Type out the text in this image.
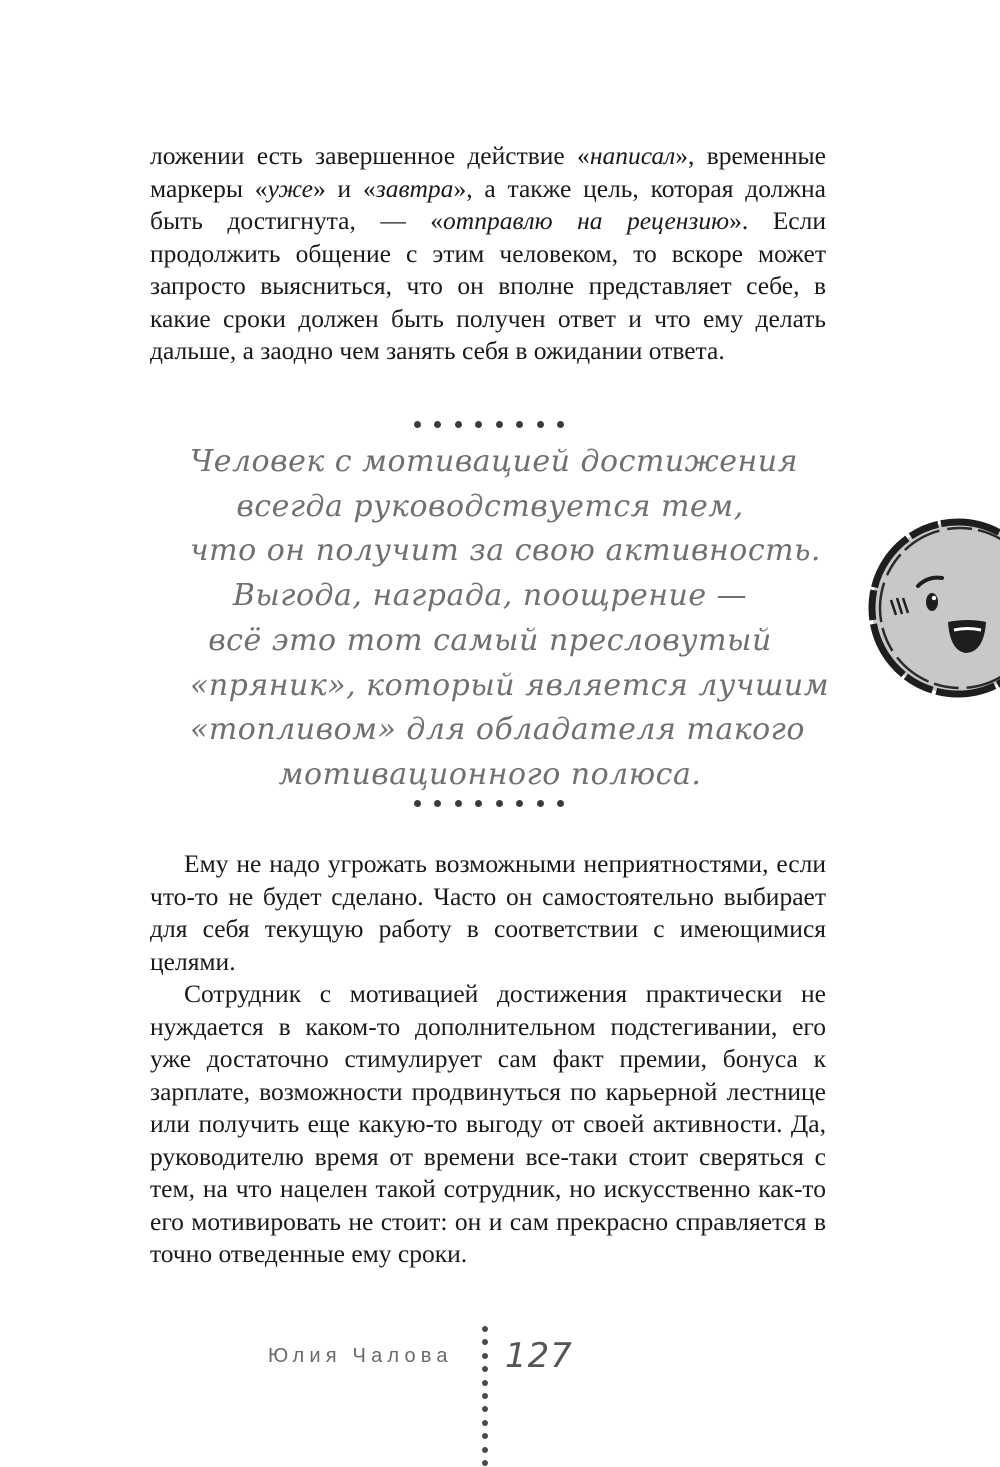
ложении есть завершенное действие «написал», временные маркеры «уже» и «завтра», а также цель, которая должна быть достигнута, — «отправлю на рецензию». Если продолжить общение с этим человеком, то вскоре может запросто выясниться, что он вполне представляет себе, в какие сроки должен быть получен ответ и что ему делать дальше, а заодно чем занять себя в ожидании ответа.

Человек с мотивацией достижения
всегда руководствуется тем,
что он получит за свою активность.
Выгода, награда, поощрение —
всё это тот самый пресловутый
«пряник», который является лучшим
«топливом» для обладателя такого
мотивационного полюса.

Ему не надо угрожать возможными неприятностями, если что-то не будет сделано. Часто он самостоятельно выбирает для себя текущую работу в соответствии с имеющимися целями.

Сотрудник с мотивацией достижения практически не нуждается в каком-то дополнительном подстегивании, его уже достаточно стимулирует сам факт премии, бонуса к зарплате, возможности продвинуться по карьерной лестнице или получить еще какую-то выгоду от своей активности. Да, руководителю время от времени все-таки стоит сверяться с тем, на что нацелен такой сотрудник, но искусственно как-то его мотивировать не стоит: он и сам прекрасно справляется в точно отведенные ему сроки.

Юлия Чалова	127
